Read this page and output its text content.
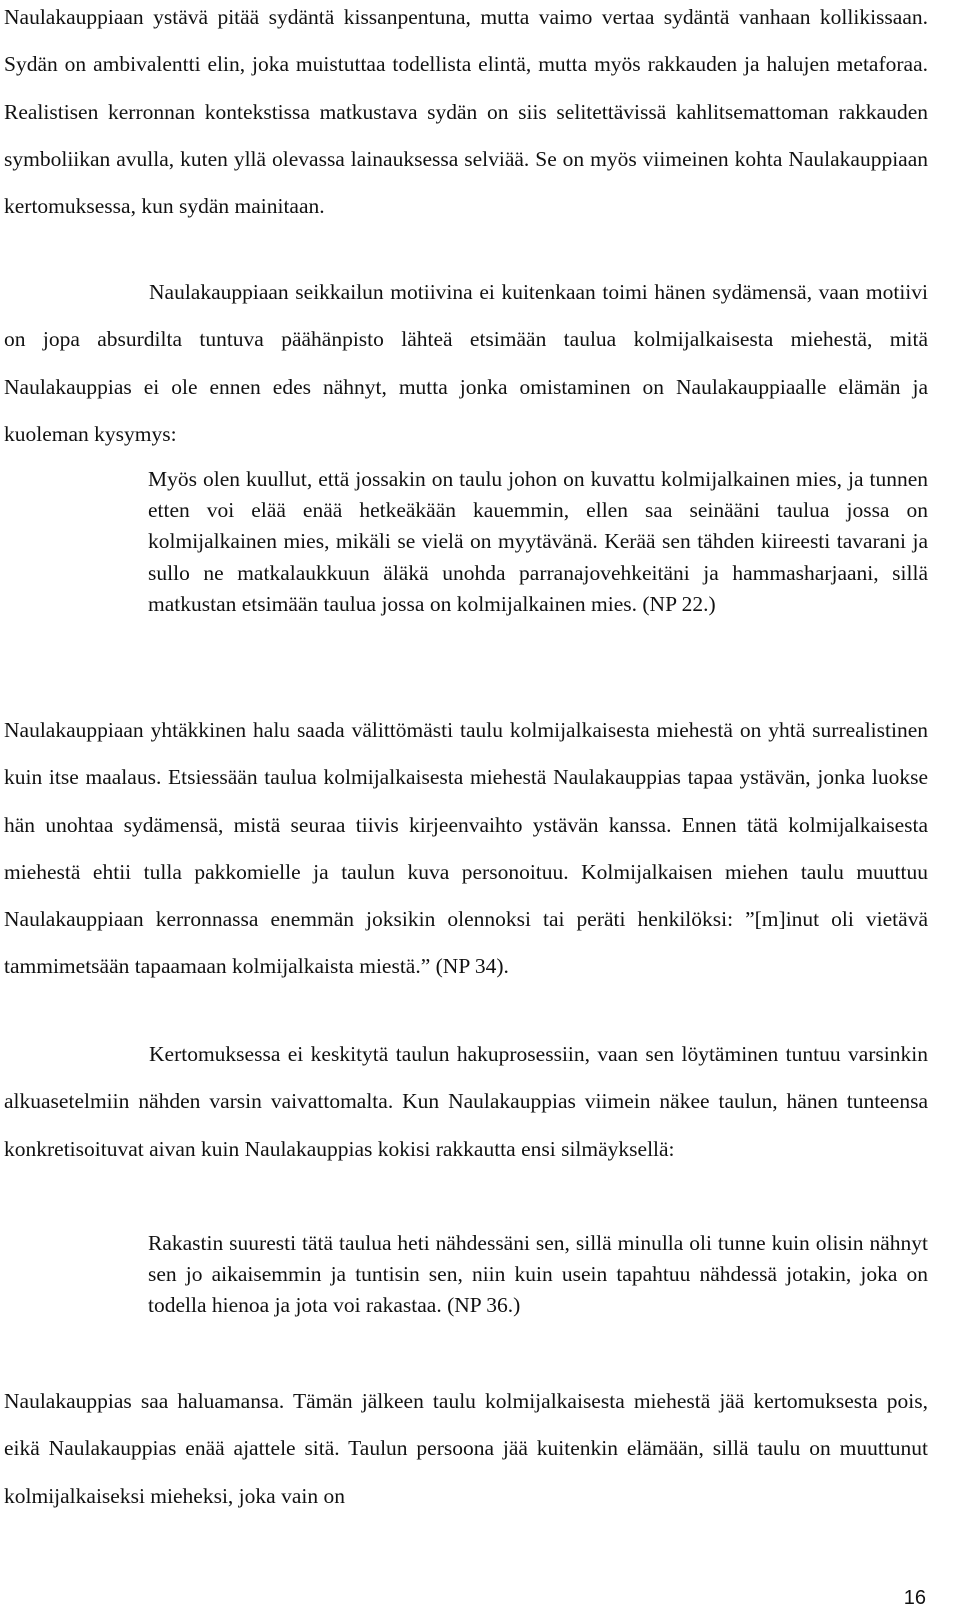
Naulakauppiaan ystävä pitää sydäntä kissanpentuna, mutta vaimo vertaa sydäntä vanhaan kollikissaan. Sydän on ambivalentti elin, joka muistuttaa todellista elintä, mutta myös rakkauden ja halujen metaforaa. Realistisen kerronnan kontekstissa matkustava sydän on siis selitettävissä kahlitsemattoman rakkauden symboliikan avulla, kuten yllä olevassa lainauksessa selviää. Se on myös viimeinen kohta Naulakauppiaan kertomuksessa, kun sydän mainitaan.

Naulakauppiaan seikkailun motiivina ei kuitenkaan toimi hänen sydämensä, vaan motiivi on jopa absurdilta tuntuva päähänpisto lähteä etsimään taulua kolmijalkaisesta miehestä, mitä Naulakauppias ei ole ennen edes nähnyt, mutta jonka omistaminen on Naulakauppiaalle elämän ja kuoleman kysymys:

Myös olen kuullut, että jossakin on taulu johon on kuvattu kolmijalkainen mies, ja tunnen etten voi elää enää hetkeäkään kauemmin, ellen saa seinääni taulua jossa on kolmijalkainen mies, mikäli se vielä on myytävänä. Kerää sen tähden kiireesti tavarani ja sullo ne matkalaukkuun äläkä unohda parranajovehkeitäni ja hammasharjaani, sillä matkustan etsimään taulua jossa on kolmijalkainen mies. (NP 22.)

Naulakauppiaan yhtäkkinen halu saada välittömästi taulu kolmijalkaisesta miehestä on yhtä surrealistinen kuin itse maalaus. Etsiessään taulua kolmijalkaisesta miehestä Naulakauppias tapaa ystävän, jonka luokse hän unohtaa sydämensä, mistä seuraa tiivis kirjeenvaihto ystävän kanssa. Ennen tätä kolmijalkaisesta miehestä ehtii tulla pakkomielle ja taulun kuva personoituu. Kolmijalkaisen miehen taulu muuttuu Naulakauppiaan kerronnassa enemmän joksikin olennoksi tai peräti henkilöksi: ”[m]inut oli vietävä tammimetsään tapaamaan kolmijalkaista miestä.” (NP 34).

Kertomuksessa ei keskitytä taulun hakuprosessiin, vaan sen löytäminen tuntuu varsinkin alkuasetelmiin nähden varsin vaivattomalta. Kun Naulakauppias viimein näkee taulun, hänen tunteensa konkretisoituvat aivan kuin Naulakauppias kokisi rakkautta ensi silmäyksellä:

Rakastin suuresti tätä taulua heti nähdessäni sen, sillä minulla oli tunne kuin olisin nähnyt sen jo aikaisemmin ja tuntisin sen, niin kuin usein tapahtuu nähdessä jotakin, joka on todella hienoa ja jota voi rakastaa. (NP 36.)

Naulakauppias saa haluamansa. Tämän jälkeen taulu kolmijalkaisesta miehestä jää kertomuksesta pois, eikä Naulakauppias enää ajattele sitä. Taulun persoona jää kuitenkin elämään, sillä taulu on muuttunut kolmijalkaiseksi mieheksi, joka vain on

16
